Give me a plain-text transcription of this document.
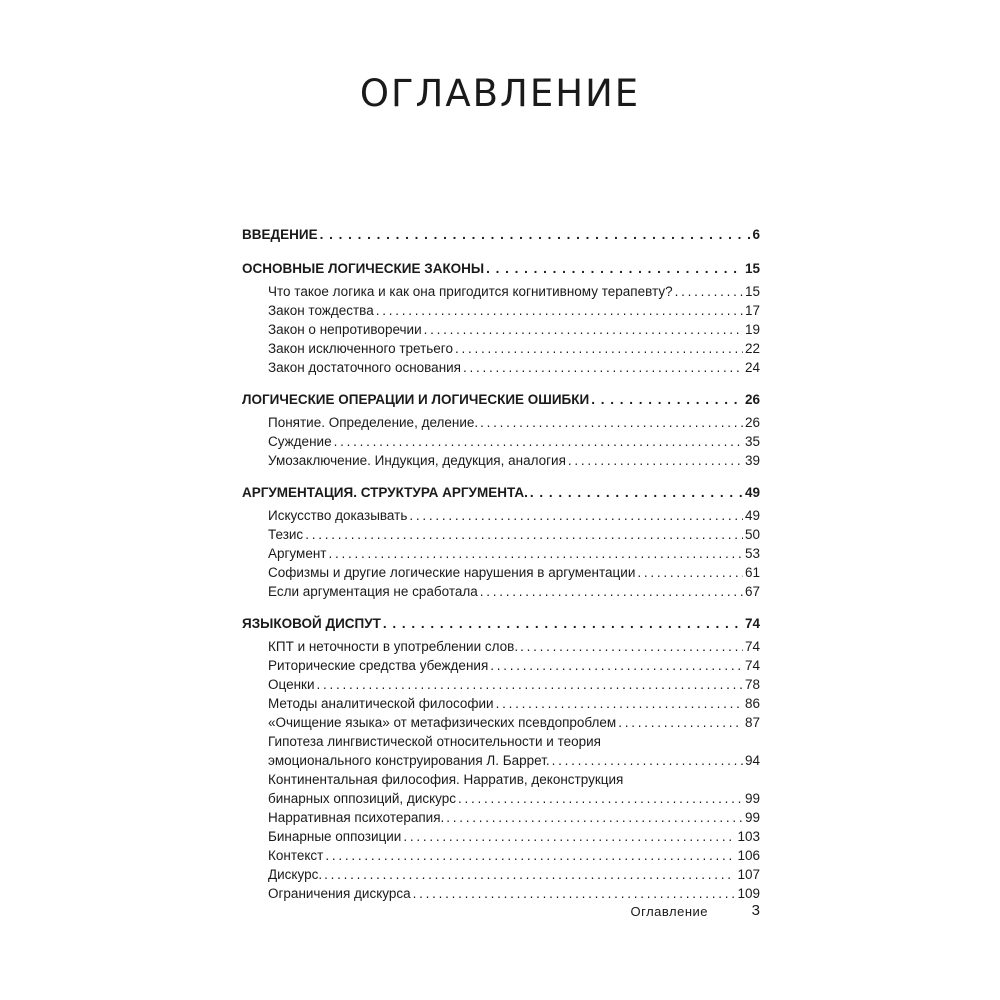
ОГЛАВЛЕНИЕ
ВВЕДЕНИЕ . . .	6
ОСНОВНЫЕ ЛОГИЧЕСКИЕ ЗАКОНЫ . . .	15
Что такое логика и как она пригодится когнитивному терапевту? . . .	15
Закон тождества . . .	17
Закон о непротиворечии . . .	19
Закон исключенного третьего . . .	22
Закон достаточного основания . . .	24
ЛОГИЧЕСКИЕ ОПЕРАЦИИ И ЛОГИЧЕСКИЕ ОШИБКИ . . .	26
Понятие. Определение, деление. . . .	26
Суждение . . .	35
Умозаключение. Индукция, дедукция, аналогия . . .	39
АРГУМЕНТАЦИЯ. СТРУКТУРА АРГУМЕНТА. . . .	49
Искусство доказывать . . .	49
Тезис . . .	50
Аргумент . . .	53
Софизмы и другие логические нарушения в аргументации . . .	61
Если аргументация не сработала . . .	67
ЯЗЫКОВОЙ ДИСПУТ . . .	74
КПТ и неточности в употреблении слов. . . .	74
Риторические средства убеждения . . .	74
Оценки . . .	78
Методы аналитической философии . . .	86
«Очищение языка» от метафизических псевдопроблем . . .	87
Гипотеза лингвистической относительности и теория
эмоционального конструирования Л. Баррет. . . .	94
Континентальная философия. Нарратив, деконструкция
бинарных оппозиций, дискурс . . .	99
Нарративная психотерапия. . . .	99
Бинарные оппозиции . . .	103
Контекст . . .	106
Дискурс. . . .	107
Ограничения дискурса . . .	109
Оглавление	3
